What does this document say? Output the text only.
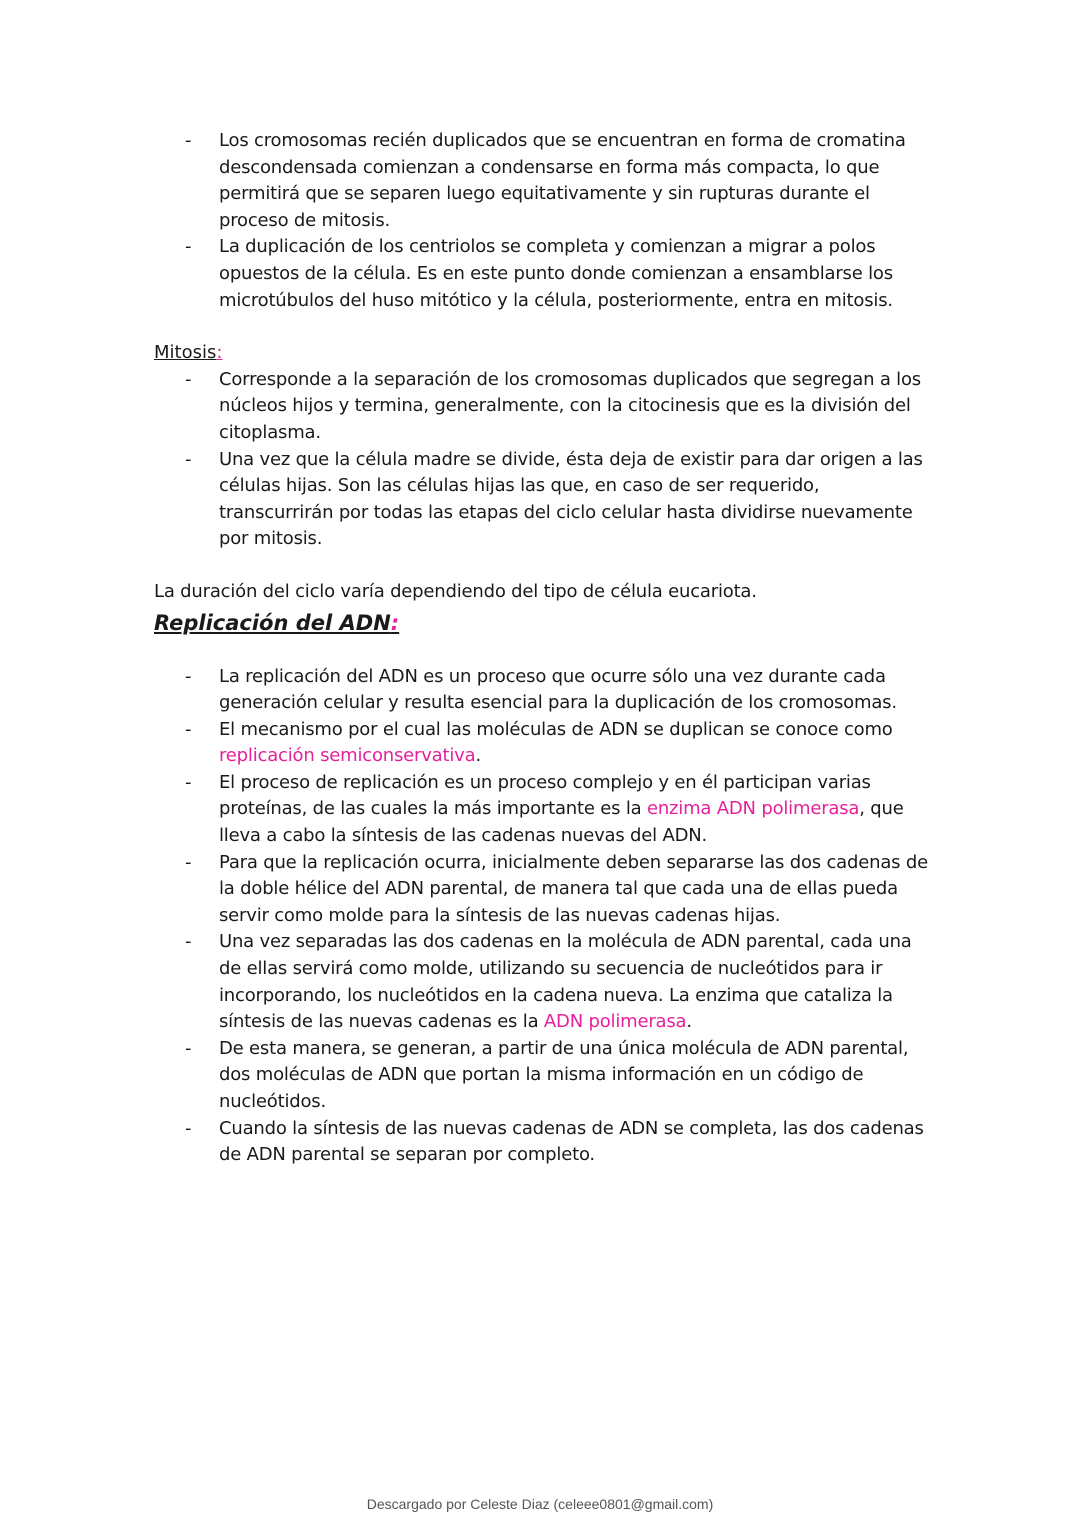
- Los cromosomas recién duplicados que se encuentran en forma de cromatina descondensada comienzan a condensarse en forma más compacta, lo que permitirá que se separen luego equitativamente y sin rupturas durante el proceso de mitosis.
- La duplicación de los centriolos se completa y comienzan a migrar a polos opuestos de la célula. Es en este punto donde comienzan a ensamblarse los microtúbulos del huso mitótico y la célula, posteriormente, entra en mitosis.
Mitosis:
- Corresponde a la separación de los cromosomas duplicados que segregan a los núcleos hijos y termina, generalmente, con la citocinesis que es la división del citoplasma.
- Una vez que la célula madre se divide, ésta deja de existir para dar origen a las células hijas. Son las células hijas las que, en caso de ser requerido, transcurrirán por todas las etapas del ciclo celular hasta dividirse nuevamente por mitosis.
La duración del ciclo varía dependiendo del tipo de célula eucariota.
Replicación del ADN:
- La replicación del ADN es un proceso que ocurre sólo una vez durante cada generación celular y resulta esencial para la duplicación de los cromosomas.
- El mecanismo por el cual las moléculas de ADN se duplican se conoce como replicación semiconservativa.
- El proceso de replicación es un proceso complejo y en él participan varias proteínas, de las cuales la más importante es la enzima ADN polimerasa, que lleva a cabo la síntesis de las cadenas nuevas del ADN.
- Para que la replicación ocurra, inicialmente deben separarse las dos cadenas de la doble hélice del ADN parental, de manera tal que cada una de ellas pueda servir como molde para la síntesis de las nuevas cadenas hijas.
- Una vez separadas las dos cadenas en la molécula de ADN parental, cada una de ellas servirá como molde, utilizando su secuencia de nucleótidos para ir incorporando, los nucleótidos en la cadena nueva. La enzima que cataliza la síntesis de las nuevas cadenas es la ADN polimerasa.
- De esta manera, se generan, a partir de una única molécula de ADN parental, dos moléculas de ADN que portan la misma información en un código de nucleótidos.
- Cuando la síntesis de las nuevas cadenas de ADN se completa, las dos cadenas de ADN parental se separan por completo.
Descargado por Celeste Diaz (celeee0801@gmail.com)
